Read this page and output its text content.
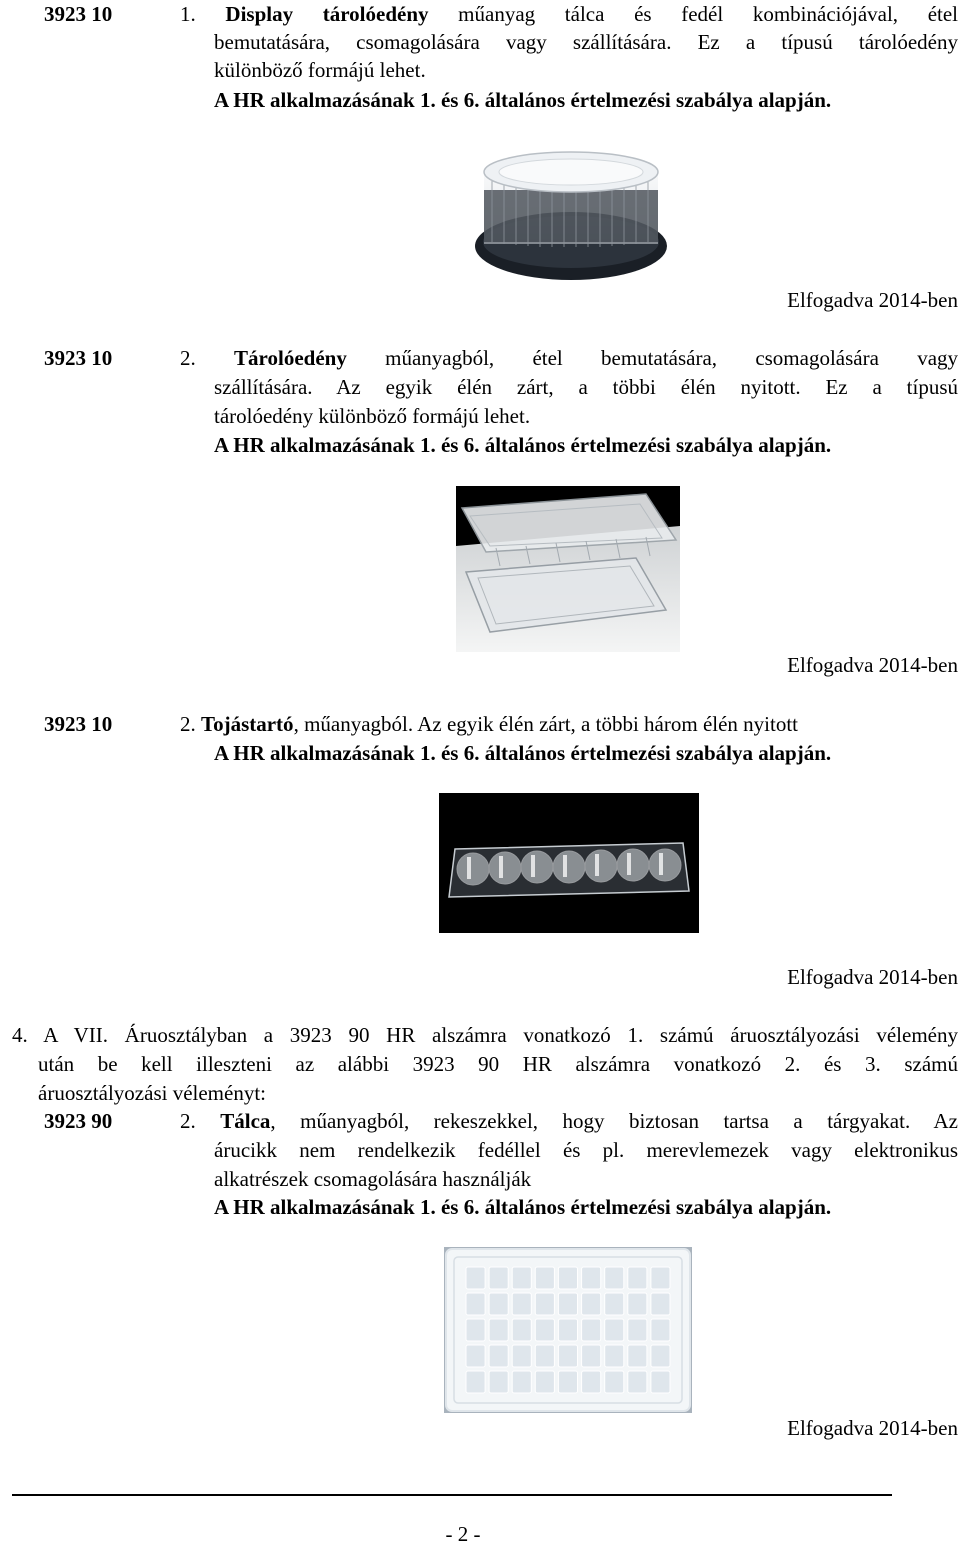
3923 10	1. Display tárolóedény műanyag tálca és fedél kombinációjával, étel
bemutatására, csomagolására vagy szállítására. Ez a típusú tárolóedény
különböző formájú lehet.
A HR alkalmazásának 1. és 6. általános értelmezési szabálya alapján.
Elfogadva 2014-ben
3923 10	2. Tárolóedény műanyagból, étel bemutatására, csomagolására vagy
szállítására. Az egyik élén zárt, a többi élén nyitott. Ez a típusú
tárolóedény különböző formájú lehet.
A HR alkalmazásának 1. és 6. általános értelmezési szabálya alapján.
Elfogadva 2014-ben
3923 10	2. Tojástartó, műanyagból. Az egyik élén zárt, a többi három élén nyitott
A HR alkalmazásának 1. és 6. általános értelmezési szabálya alapján.
Elfogadva 2014-ben
4. A VII. Áruosztályban a 3923 90 HR alszámra vonatkozó 1. számú áruosztályozási vélemény
után be kell illeszteni az alábbi 3923 90 HR alszámra vonatkozó 2. és 3. számú
áruosztályozási véleményt:
3923 90	2. Tálca, műanyagból, rekeszekkel, hogy biztosan tartsa a tárgyakat. Az
árucikk nem rendelkezik fedéllel és pl. merevlemezek vagy elektronikus
alkatrészek csomagolására használják
A HR alkalmazásának 1. és 6. általános értelmezési szabálya alapján.
Elfogadva 2014-ben
- 2 -
